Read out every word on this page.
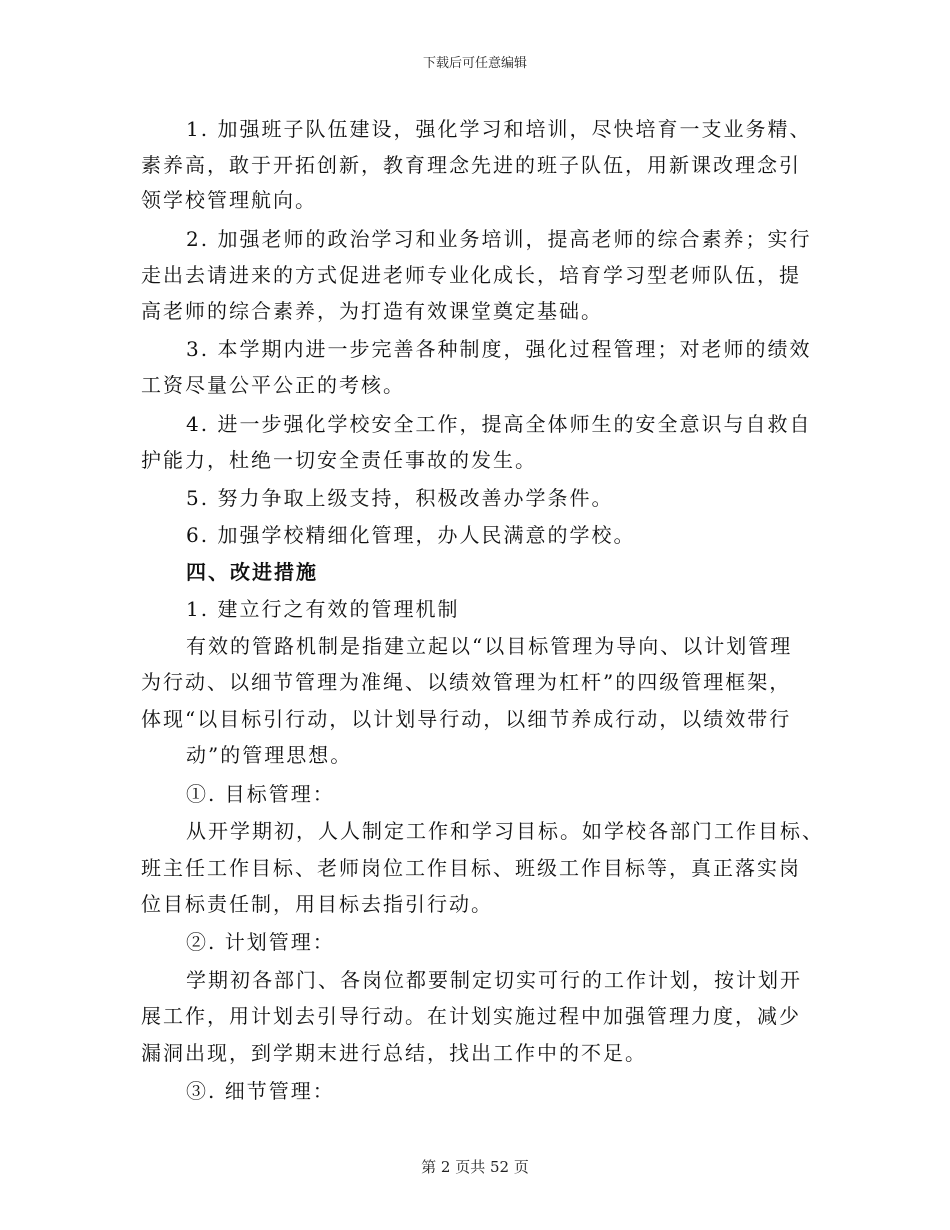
下载后可任意编辑
1. 加强班子队伍建设，强化学习和培训，尽快培育一支业务精、
素养高，敢于开拓创新，教育理念先进的班子队伍，用新课改理念引
领学校管理航向。
2. 加强老师的政治学习和业务培训，提高老师的综合素养；实行
走出去请进来的方式促进老师专业化成长，培育学习型老师队伍，提
高老师的综合素养，为打造有效课堂奠定基础。
3. 本学期内进一步完善各种制度，强化过程管理；对老师的绩效
工资尽量公平公正的考核。
4. 进一步强化学校安全工作，提高全体师生的安全意识与自救自
护能力，杜绝一切安全责任事故的发生。
5. 努力争取上级支持，积极改善办学条件。
6. 加强学校精细化管理，办人民满意的学校。
四、改进措施
1. 建立行之有效的管理机制
有效的管路机制是指建立起以“以目标管理为导向、以计划管理
为行动、以细节管理为准绳、以绩效管理为杠杆”的四级管理框架，
体现“以目标引行动，以计划导行动，以细节养成行动，以绩效带行
动”的管理思想。
①. 目标管理：
从开学期初，人人制定工作和学习目标。如学校各部门工作目标、
班主任工作目标、老师岗位工作目标、班级工作目标等，真正落实岗
位目标责任制，用目标去指引行动。
②. 计划管理：
学期初各部门、各岗位都要制定切实可行的工作计划，按计划开
展工作，用计划去引导行动。在计划实施过程中加强管理力度，减少
漏洞出现，到学期末进行总结，找出工作中的不足。
③. 细节管理：
第 2 页共 52 页
